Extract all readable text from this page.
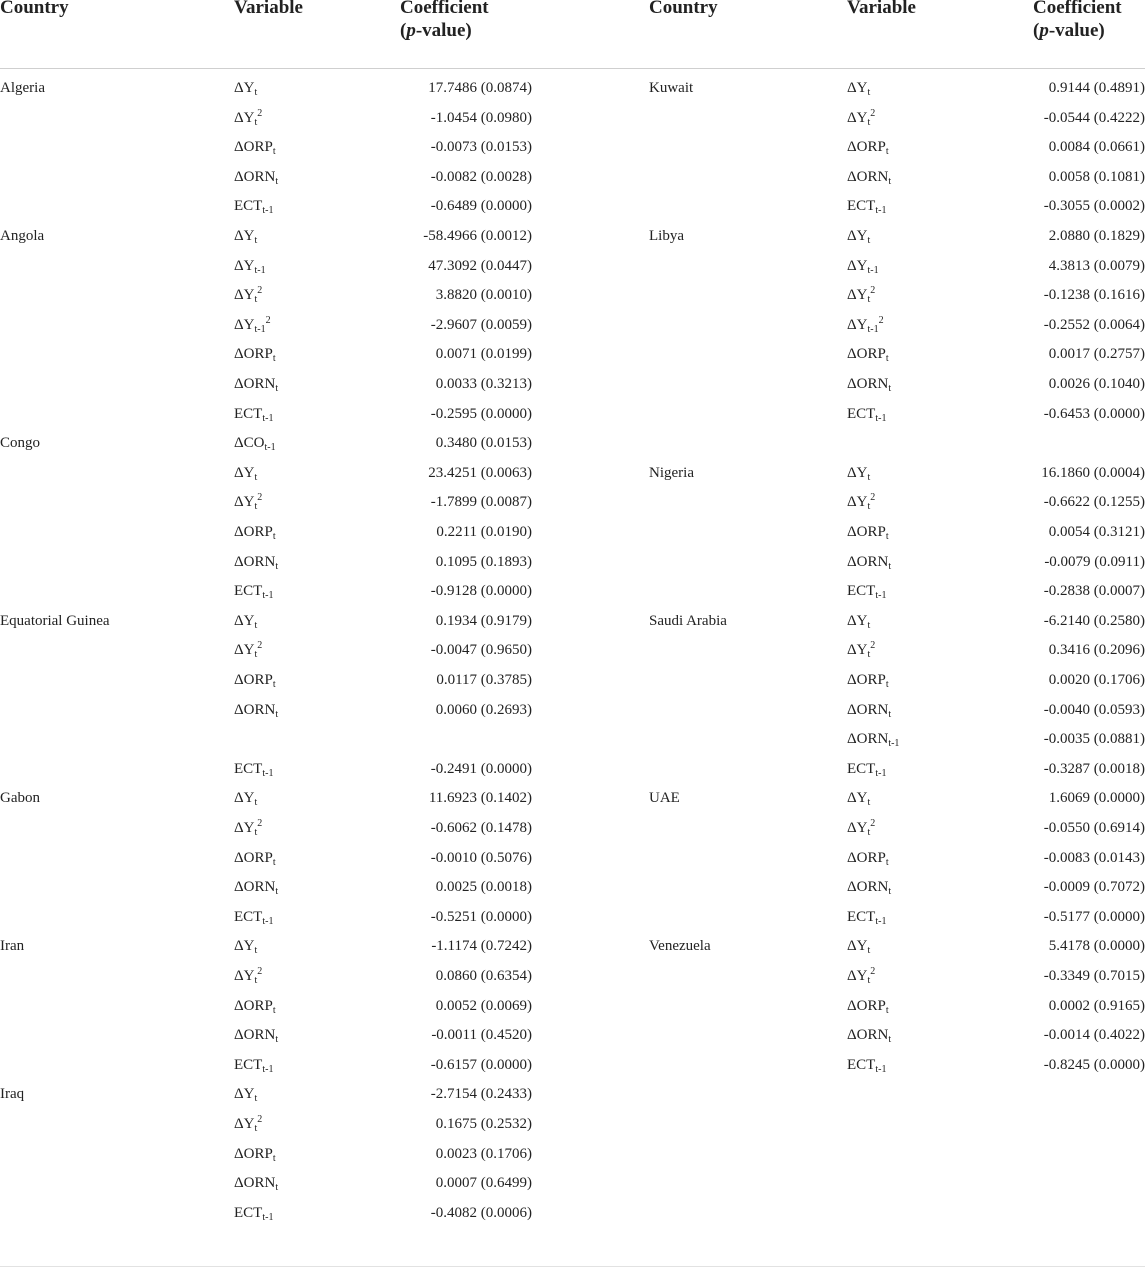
Country	Variable	Coefficient
(p-value)
Country	Variable	Coefficient
(p-value)
Algeria	$\Delta Y_t$	17.7486 (0.0874)
$\Delta Y_t^2$	-1.0454 (0.0980)
$\Delta ORP_t$	-0.0073 (0.0153)
$\Delta ORN_t$	-0.0082 (0.0028)
$ECT_{t-1}$	-0.6489 (0.0000)
Angola	$\Delta Y_t$	-58.4966 (0.0012)
$\Delta Y_{t-1}$	47.3092 (0.0447)
$\Delta Y_t^2$	3.8820 (0.0010)
$\Delta Y_{t-1}^2$	-2.9607 (0.0059)
$\Delta ORP_t$	0.0071 (0.0199)
$\Delta ORN_t$	0.0033 (0.3213)
$ECT_{t-1}$	-0.2595 (0.0000)
Congo	$\Delta CO_{t-1}$	0.3480 (0.0153)
$\Delta Y_t$	23.4251 (0.0063)
$\Delta Y_t^2$	-1.7899 (0.0087)
$\Delta ORP_t$	0.2211 (0.0190)
$\Delta ORN_t$	0.1095 (0.1893)
$ECT_{t-1}$	-0.9128 (0.0000)
Equatorial Guinea	$\Delta Y_t$	0.1934 (0.9179)
$\Delta Y_t^2$	-0.0047 (0.9650)
$\Delta ORP_t$	0.0117 (0.3785)
$\Delta ORN_t$	0.0060 (0.2693)
$ECT_{t-1}$	-0.2491 (0.0000)
Gabon	$\Delta Y_t$	11.6923 (0.1402)
$\Delta Y_t^2$	-0.6062 (0.1478)
$\Delta ORP_t$	-0.0010 (0.5076)
$\Delta ORN_t$	0.0025 (0.0018)
$ECT_{t-1}$	-0.5251 (0.0000)
Iran	$\Delta Y_t$	-1.1174 (0.7242)
$\Delta Y_t^2$	0.0860 (0.6354)
$\Delta ORP_t$	0.0052 (0.0069)
$\Delta ORN_t$	-0.0011 (0.4520)
$ECT_{t-1}$	-0.6157 (0.0000)
Iraq	$\Delta Y_t$	-2.7154 (0.2433)
$\Delta Y_t^2$	0.1675 (0.2532)
$\Delta ORP_t$	0.0023 (0.1706)
$\Delta ORN_t$	0.0007 (0.6499)
$ECT_{t-1}$	-0.4082 (0.0006)
Kuwait	$\Delta Y_t$	0.9144 (0.4891)
$\Delta Y_t^2$	-0.0544 (0.4222)
$\Delta ORP_t$	0.0084 (0.0661)
$\Delta ORN_t$	0.0058 (0.1081)
$ECT_{t-1}$	-0.3055 (0.0002)
Libya	$\Delta Y_t$	2.0880 (0.1829)
$\Delta Y_{t-1}$	4.3813 (0.0079)
$\Delta Y_t^2$	-0.1238 (0.1616)
$\Delta Y_{t-1}^2$	-0.2552 (0.0064)
$\Delta ORP_t$	0.0017 (0.2757)
$\Delta ORN_t$	0.0026 (0.1040)
$ECT_{t-1}$	-0.6453 (0.0000)
Nigeria	$\Delta Y_t$	16.1860 (0.0004)
$\Delta Y_t^2$	-0.6622 (0.1255)
$\Delta ORP_t$	0.0054 (0.3121)
$\Delta ORN_t$	-0.0079 (0.0911)
$ECT_{t-1}$	-0.2838 (0.0007)
Saudi Arabia	$\Delta Y_t$	-6.2140 (0.2580)
$\Delta Y_t^2$	0.3416 (0.2096)
$\Delta ORP_t$	0.0020 (0.1706)
$\Delta ORN_t$	-0.0040 (0.0593)
$\Delta ORN_{t-1}$	-0.0035 (0.0881)
$ECT_{t-1}$	-0.3287 (0.0018)
UAE	$\Delta Y_t$	1.6069 (0.0000)
$\Delta Y_t^2$	-0.0550 (0.6914)
$\Delta ORP_t$	-0.0083 (0.0143)
$\Delta ORN_t$	-0.0009 (0.7072)
$ECT_{t-1}$	-0.5177 (0.0000)
Venezuela	$\Delta Y_t$	5.4178 (0.0000)
$\Delta Y_t^2$	-0.3349 (0.7015)
$\Delta ORP_t$	0.0002 (0.9165)
$\Delta ORN_t$	-0.0014 (0.4022)
$ECT_{t-1}$	-0.8245 (0.0000)
